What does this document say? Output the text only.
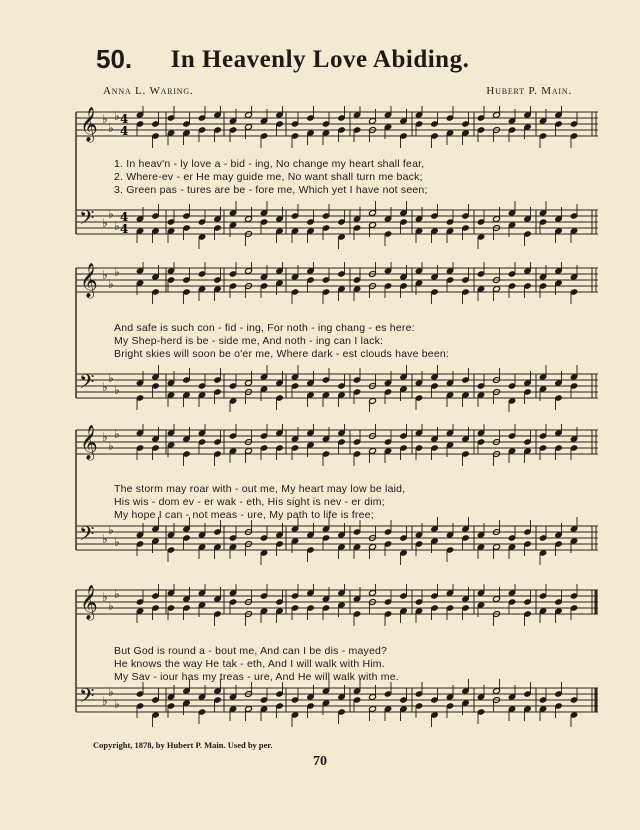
50.	In Heavenly Love Abiding.
Anna L. Waring.	Hubert P. Main.
𝄞
𝄢
♭
♭
♭
♭
♭
♭
4
4
4
4
1. In heav'n - ly love a - bid - ing, No change my heart shall fear,
2. Where-ev - er He may guide me, No want shall turn me back;
3. Green pas - tures are be - fore me, Which yet I have not seen;
𝄞
𝄢
♭
♭
♭
♭
♭
♭
And safe is such con - fid - ing, For noth - ing chang - es here:
My Shep-herd is be - side me, And noth - ing can I lack:
Bright skies will soon be o'er me, Where dark - est clouds have been:
𝄞
𝄢
♭
♭
♭
♭
♭
♭
The storm may roar with - out me, My heart may low be laid,
His wis - dom ev - er wak - eth, His sight is nev - er dim;
My hope I can - not meas - ure, My path to life is free;
𝄞
𝄢
♭
♭
♭
♭
♭
♭
But God is round a - bout me, And can I be dis - mayed?
He knows the way He tak - eth, And I will walk with Him.
My Sav - iour has my treas - ure, And He will walk with me.
Copyright, 1878, by Hubert P. Main. Used by per.
70
